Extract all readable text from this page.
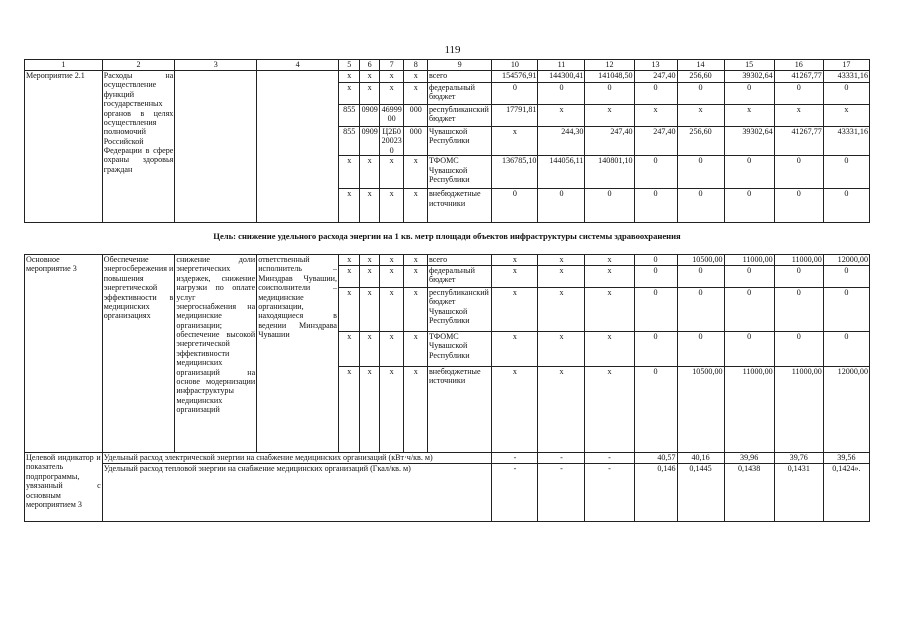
119
1	2	3	4	5	6	7	8	9	10	11	12	13	14	15	16	17
Мероприятие 2.1	Расходы на осуществление функций государственных органов в целях осуществления полномочий Российской Федерации в сфере охраны здоровья граждан			x	x	x	x	всего	154576,91	144300,41	141048,50	247,40	256,60	39302,64	41267,77	43331,16
				x	x	x	x	федеральный бюджет	0	0	0	0	0	0	0	0
				855	0909	4699900	000	республиканский бюджет	17791,81	x	x	x	x	x	x	x
				855	0909	Ц2Б0200230	000	Чувашской Республики	x	244,30	247,40	247,40	256,60	39302,64	41267,77	43331,16
				x	x	x	x	ТФОМС Чувашской Республики	136785,10	144056,11	140801,10	0	0	0	0	0
				x	x	x	x	внебюджетные источники	0	0	0	0	0	0	0	0
Цель: снижение удельного расхода энергии на 1 кв. метр площади объектов инфраструктуры системы здравоохранения
Основное мероприятие 3	Обеспечение энергосбережения и повышения энергетической эффективности в медицинских организациях	снижение доли энергетических издержек, снижение нагрузки по оплате услуг энергоснабжения на медицинские организации; обеспечение высокой энергетической эффективности медицинских организаций на основе модернизации инфраструктуры медицинских организаций	ответственный исполнитель – Минздрав Чувашии, соисполнители – медицинские организации, находящиеся в ведении Минздрава Чувашии	x	x	x	x	всего	x	x	x	0	10500,00	11000,00	11000,00	12000,00
				x	x	x	x	федеральный бюджет	x	x	x	0	0	0	0	0
				x	x	x	x	республиканский бюджет Чувашской Республики	x	x	x	0	0	0	0	0
				x	x	x	x	ТФОМС Чувашской Республики	x	x	x	0	0	0	0	0
				x	x	x	x	внебюджетные источники	x	x	x	0	10500,00	11000,00	11000,00	12000,00
Целевой индикатор и показатель подпрограммы, увязанный с основным мероприятием 3	Удельный расход электрической энергии на снабжение медицинских организаций (кВт·ч/кв. м)								-	-	-	40,57	40,16	39,96	39,76	39,56
	Удельный расход тепловой энергии на снабжение медицинских организаций (Гкал/кв. м)								-	-	-	0,146	0,1445	0,1438	0,1431	0,1424».
